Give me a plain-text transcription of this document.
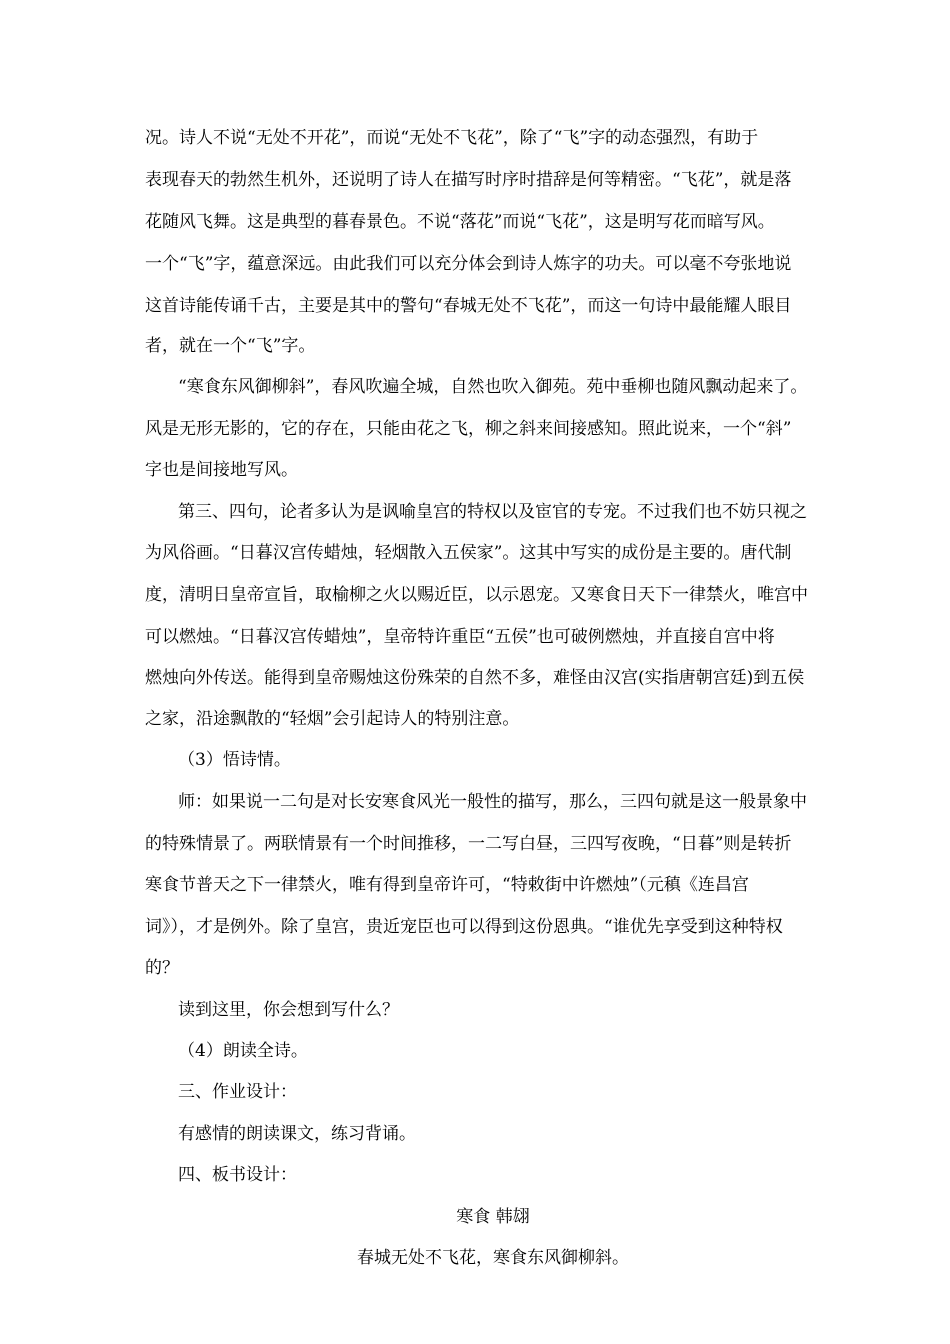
况。诗人不说“无处不开花”，而说“无处不飞花”，除了“飞”字的动态强烈，有助于
表现春天的勃然生机外，还说明了诗人在描写时序时措辞是何等精密。“飞花”，就是落
花随风飞舞。这是典型的暮春景色。不说“落花”而说“飞花”，这是明写花而暗写风。
一个“飞”字，蕴意深远。由此我们可以充分体会到诗人炼字的功夫。可以毫不夸张地说
这首诗能传诵千古，主要是其中的警句“春城无处不飞花”，而这一句诗中最能耀人眼目
者，就在一个“飞”字。
“寒食东风御柳斜”，春风吹遍全城，自然也吹入御苑。苑中垂柳也随风飘动起来了。
风是无形无影的，它的存在，只能由花之飞，柳之斜来间接感知。照此说来，一个“斜”
字也是间接地写风。
第三、四句，论者多认为是讽喻皇宫的特权以及宦官的专宠。不过我们也不妨只视之
为风俗画。“日暮汉宫传蜡烛，轻烟散入五侯家”。这其中写实的成份是主要的。唐代制
度，清明日皇帝宣旨，取榆柳之火以赐近臣，以示恩宠。又寒食日天下一律禁火，唯宫中
可以燃烛。“日暮汉宫传蜡烛”，皇帝特许重臣“五侯”也可破例燃烛，并直接自宫中将
燃烛向外传送。能得到皇帝赐烛这份殊荣的自然不多，难怪由汉宫(实指唐朝宫廷)到五侯
之家，沿途飘散的“轻烟”会引起诗人的特别注意。
（3）悟诗情。
师：如果说一二句是对长安寒食风光一般性的描写，那么，三四句就是这一般景象中
的特殊情景了。两联情景有一个时间推移，一二写白昼，三四写夜晚，“日暮”则是转折
寒食节普天之下一律禁火，唯有得到皇帝许可，“特敕街中许燃烛”（元稹《连昌宫
词》），才是例外。除了皇宫，贵近宠臣也可以得到这份恩典。“谁优先享受到这种特权
的？
读到这里，你会想到写什么？
（4）朗读全诗。
三、作业设计：
有感情的朗读课文，练习背诵。
四、板书设计：
寒食 韩翃
春城无处不飞花，寒食东风御柳斜。
